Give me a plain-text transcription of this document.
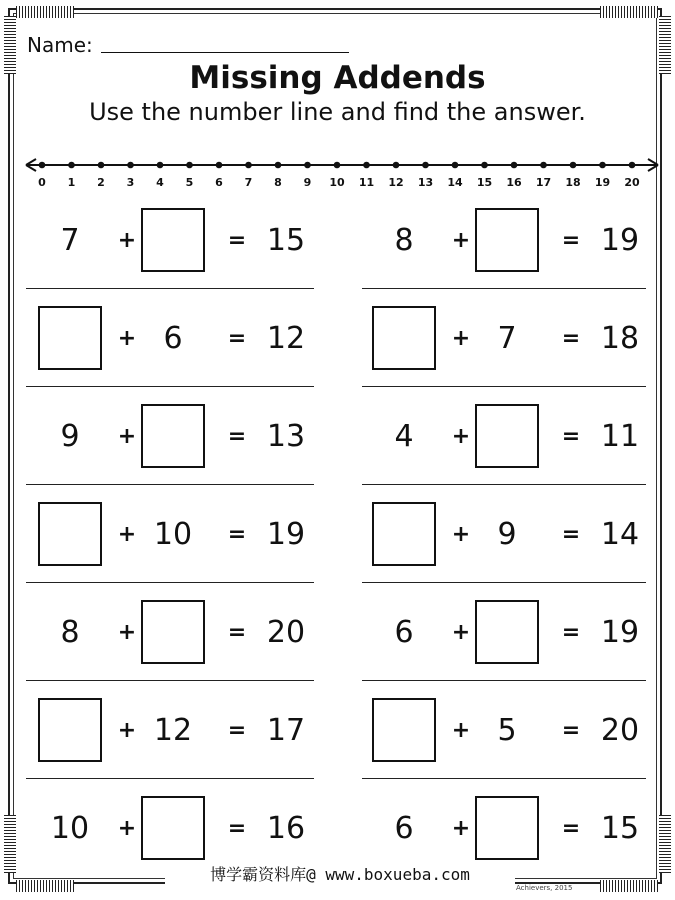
Name:
Missing Addends
Use the number line and find the answer.
0 1 2 3 4 5 6 7 8 9 10 11 12 13 14 15 16 17 18 19 20
7	+	= 15	8	+	= 19
+ 6	= 12	+ 7	= 18
9	+	= 13	4	+	= 11
+ 10	= 19	+ 9	= 14
8	+	= 20	6	+	= 19
+ 12	= 17	+ 5	= 20
10	+	= 16	6	+	= 15
博学霸资料库@ www.boxueba.com
Achievers, 2015
